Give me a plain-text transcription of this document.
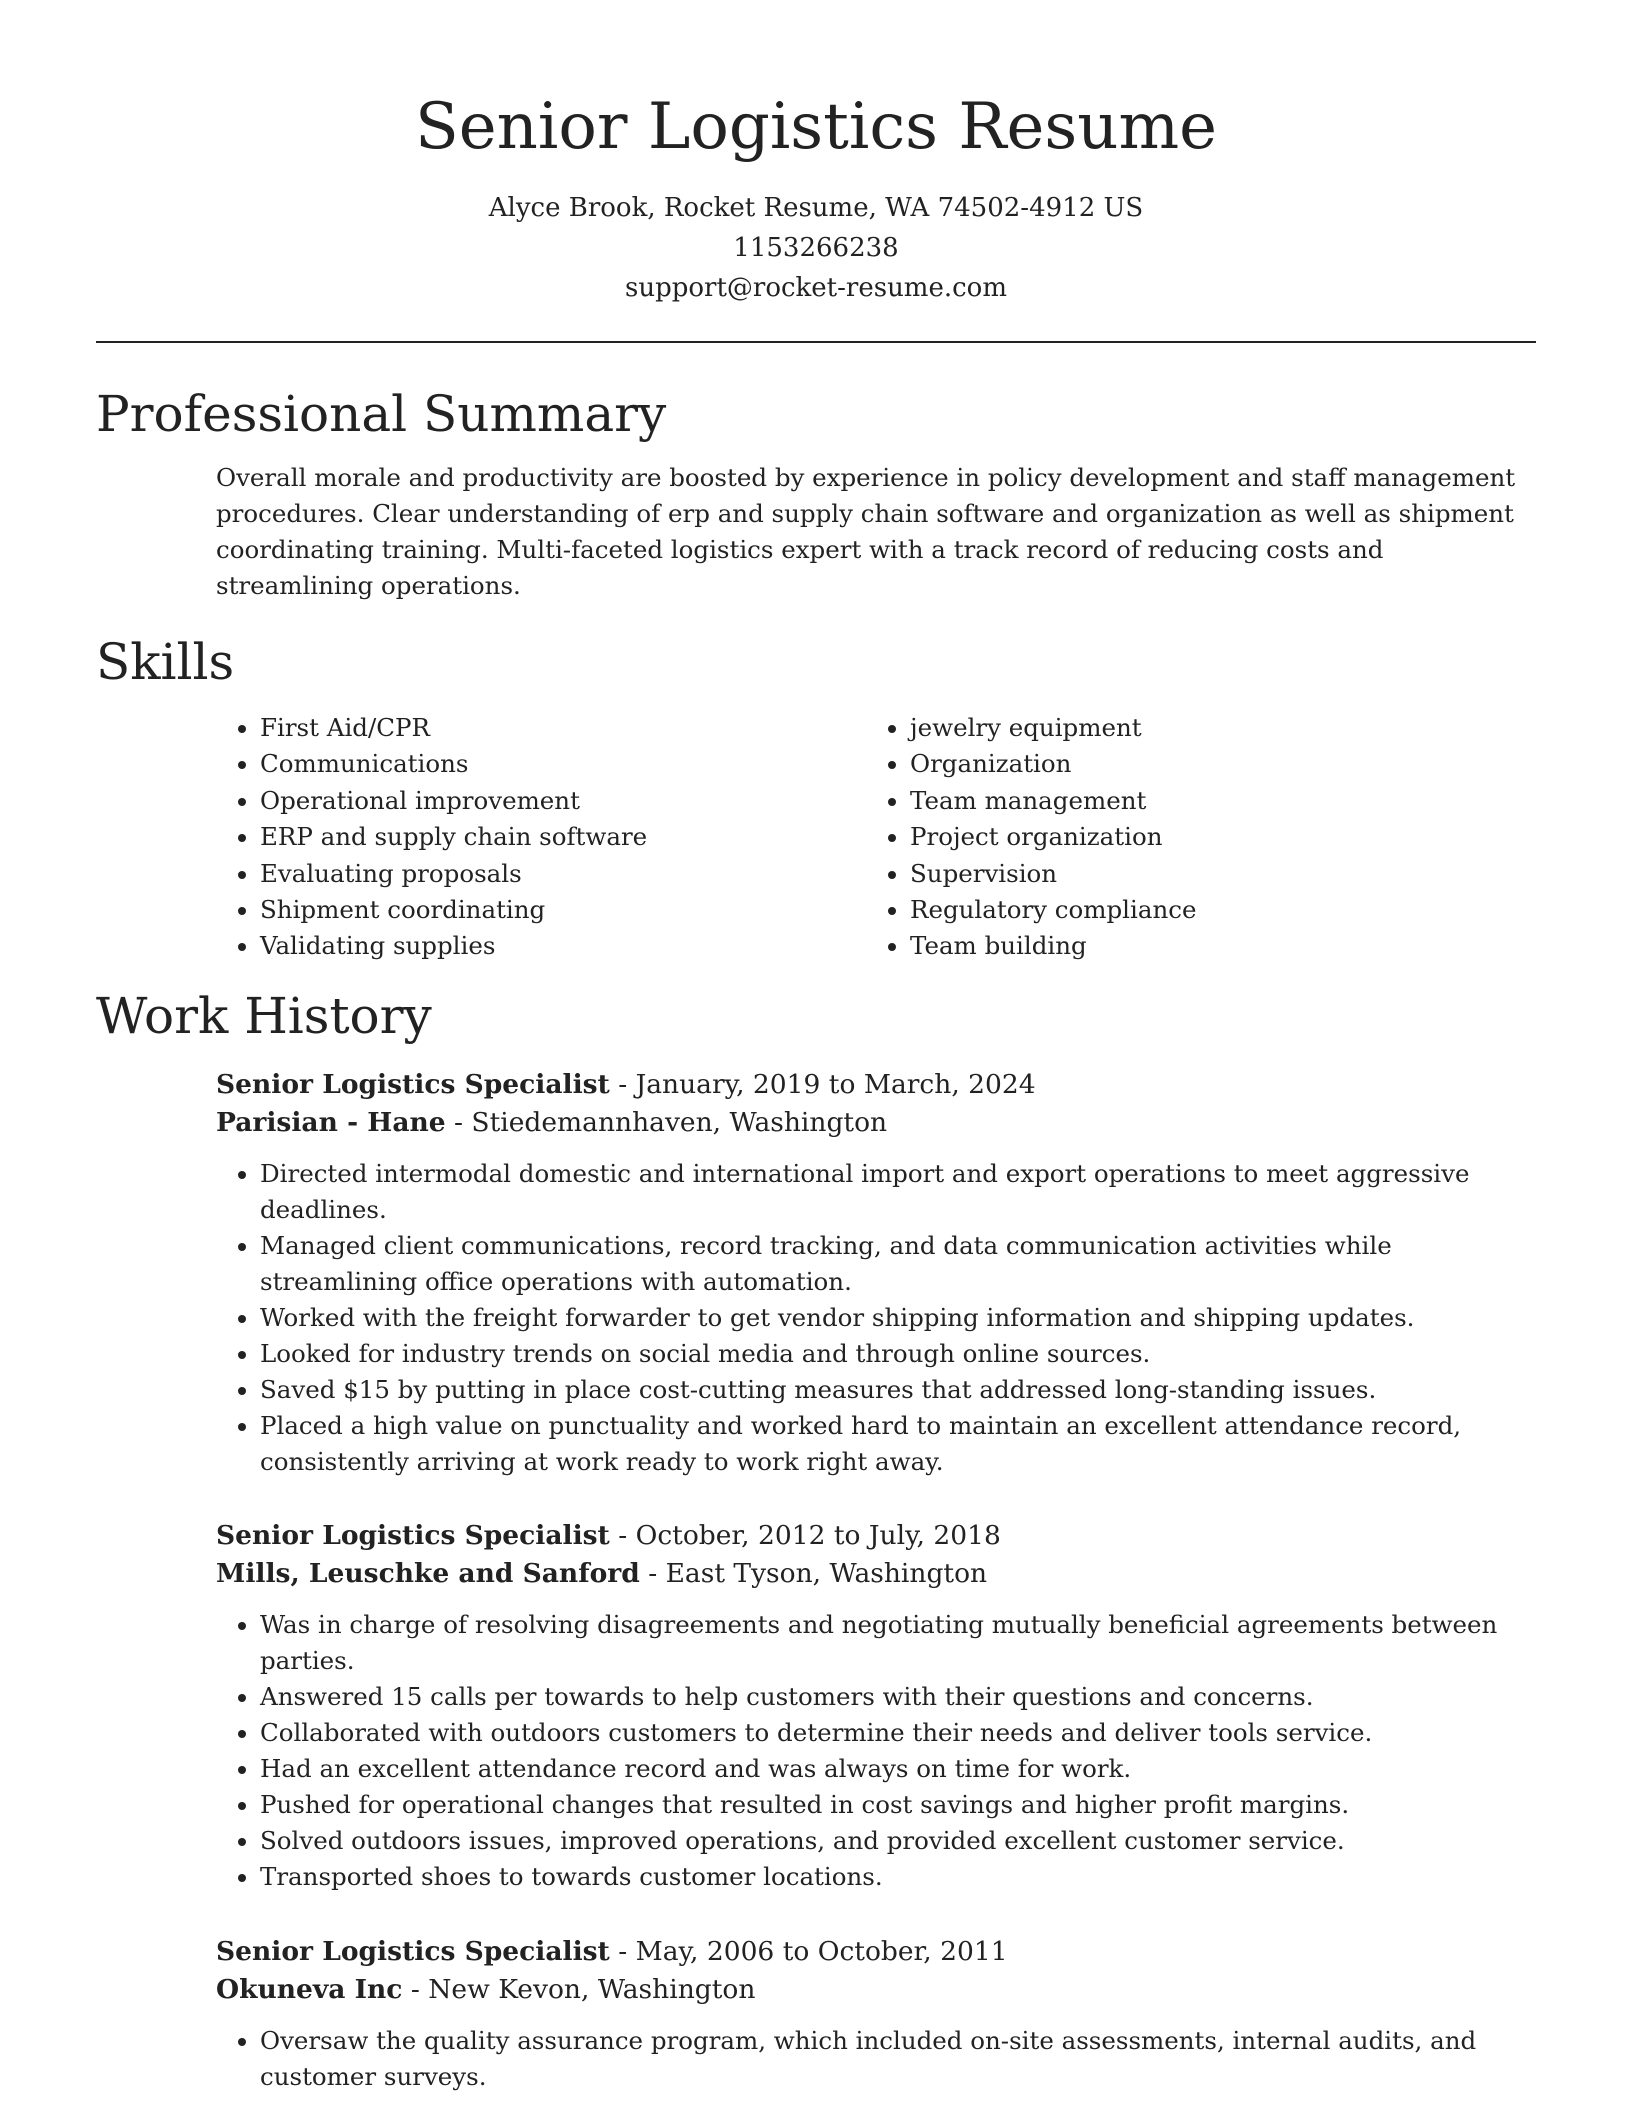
Senior Logistics Resume
Alyce Brook, Rocket Resume, WA 74502-4912 US
1153266238
support@rocket-resume.com
Professional Summary

Overall morale and productivity are boosted by experience in policy development and staff management procedures. Clear understanding of erp and supply chain software and organization as well as shipment coordinating training. Multi-faceted logistics expert with a track record of reducing costs and streamlining operations.

Skills
• First Aid/CPR
• Communications
• Operational improvement
• ERP and supply chain software
• Evaluating proposals
• Shipment coordinating
• Validating supplies
• jewelry equipment
• Organization
• Team management
• Project organization
• Supervision
• Regulatory compliance
• Team building
Work History
Senior Logistics Specialist - January, 2019 to March, 2024
Parisian - Hane - Stiedemannhaven, Washington
• Directed intermodal domestic and international import and export operations to meet aggressive deadlines.
• Managed client communications, record tracking, and data communication activities while streamlining office operations with automation.
• Worked with the freight forwarder to get vendor shipping information and shipping updates.
• Looked for industry trends on social media and through online sources.
• Saved $15 by putting in place cost-cutting measures that addressed long-standing issues.
• Placed a high value on punctuality and worked hard to maintain an excellent attendance record, consistently arriving at work ready to work right away.
Senior Logistics Specialist - October, 2012 to July, 2018
Mills, Leuschke and Sanford - East Tyson, Washington
• Was in charge of resolving disagreements and negotiating mutually beneficial agreements between parties.
• Answered 15 calls per towards to help customers with their questions and concerns.
• Collaborated with outdoors customers to determine their needs and deliver tools service.
• Had an excellent attendance record and was always on time for work.
• Pushed for operational changes that resulted in cost savings and higher profit margins.
• Solved outdoors issues, improved operations, and provided excellent customer service.
• Transported shoes to towards customer locations.
Senior Logistics Specialist - May, 2006 to October, 2011
Okuneva Inc - New Kevon, Washington
• Oversaw the quality assurance program, which included on-site assessments, internal audits, and customer surveys.
